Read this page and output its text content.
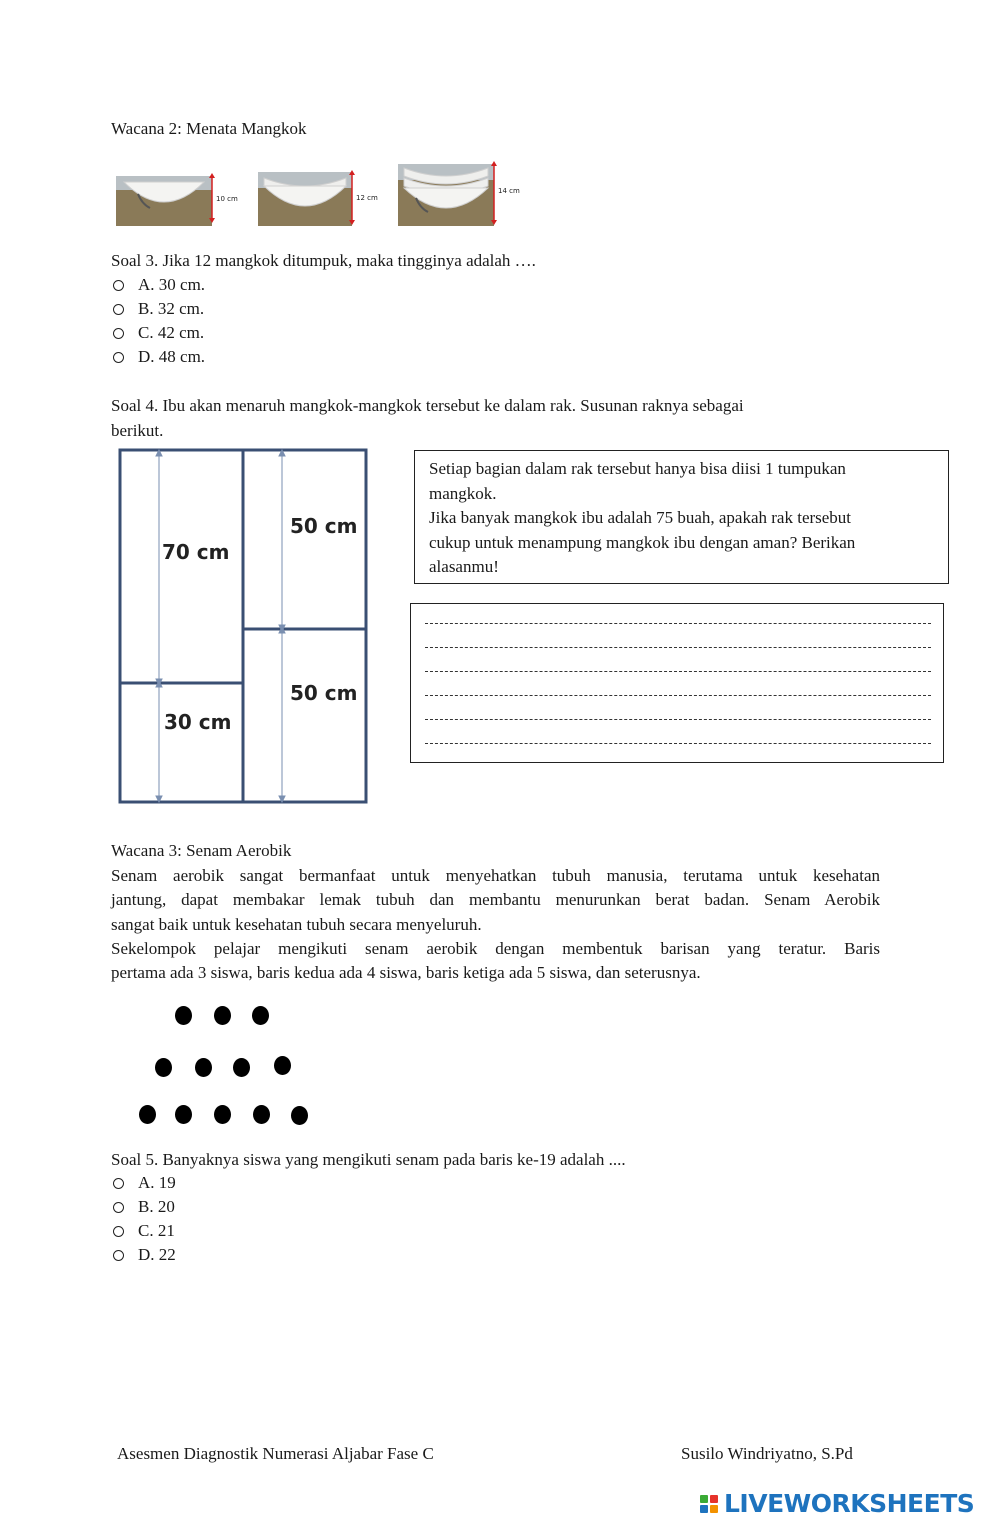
Wacana 2: Menata Mangkok
10 cm	12 cm
14 cm
Soal 3. Jika 12 mangkok ditumpuk, maka tingginya adalah ….
A. 30 cm.
B. 32 cm.
C. 42 cm.
D. 48 cm.
Soal 4. Ibu akan menaruh mangkok-mangkok tersebut ke dalam rak. Susunan raknya sebagai
berikut.
70 cm
30 cm
50 cm
50 cm
Setiap bagian dalam rak tersebut hanya bisa diisi 1 tumpukan
mangkok.
Jika banyak mangkok ibu adalah 75 buah, apakah rak tersebut
cukup untuk menampung mangkok ibu dengan aman? Berikan
alasanmu!
Wacana 3: Senam Aerobik
Senam aerobik sangat bermanfaat untuk menyehatkan tubuh manusia, terutama untuk kesehatan
jantung, dapat membakar lemak tubuh dan membantu menurunkan berat badan. Senam Aerobik
sangat baik untuk kesehatan tubuh secara menyeluruh.
Sekelompok pelajar mengikuti senam aerobik dengan membentuk barisan yang teratur. Baris
pertama ada 3 siswa, baris kedua ada 4 siswa, baris ketiga ada 5 siswa, dan seterusnya.
Soal 5. Banyaknya siswa yang mengikuti senam pada baris ke-19 adalah ....
A. 19
B. 20
C. 21
D. 22
Asesmen Diagnostik Numerasi Aljabar Fase C	Susilo Windriyatno, S.Pd
LIVEWORKSHEETS
